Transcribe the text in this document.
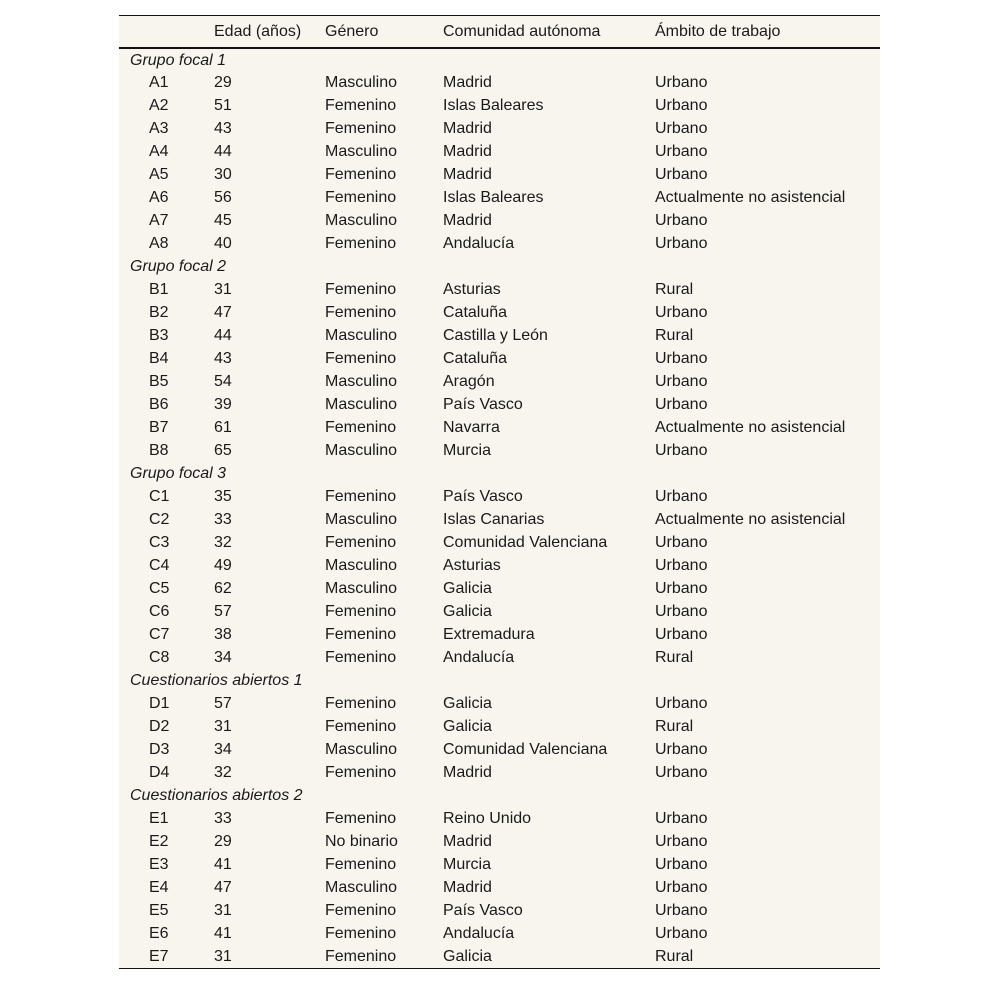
	Edad (años)	Género	Comunidad autónoma	Ámbito de trabajo
Grupo focal 1				
A1	29	Masculino	Madrid	Urbano
A2	51	Femenino	Islas Baleares	Urbano
A3	43	Femenino	Madrid	Urbano
A4	44	Masculino	Madrid	Urbano
A5	30	Femenino	Madrid	Urbano
A6	56	Femenino	Islas Baleares	Actualmente no asistencial
A7	45	Masculino	Madrid	Urbano
A8	40	Femenino	Andalucía	Urbano
Grupo focal 2				
B1	31	Femenino	Asturias	Rural
B2	47	Femenino	Cataluña	Urbano
B3	44	Masculino	Castilla y León	Rural
B4	43	Femenino	Cataluña	Urbano
B5	54	Masculino	Aragón	Urbano
B6	39	Masculino	País Vasco	Urbano
B7	61	Femenino	Navarra	Actualmente no asistencial
B8	65	Masculino	Murcia	Urbano
Grupo focal 3				
C1	35	Femenino	País Vasco	Urbano
C2	33	Masculino	Islas Canarias	Actualmente no asistencial
C3	32	Femenino	Comunidad Valenciana	Urbano
C4	49	Masculino	Asturias	Urbano
C5	62	Masculino	Galicia	Urbano
C6	57	Femenino	Galicia	Urbano
C7	38	Femenino	Extremadura	Urbano
C8	34	Femenino	Andalucía	Rural
Cuestionarios abiertos 1				
D1	57	Femenino	Galicia	Urbano
D2	31	Femenino	Galicia	Rural
D3	34	Masculino	Comunidad Valenciana	Urbano
D4	32	Femenino	Madrid	Urbano
Cuestionarios abiertos 2				
E1	33	Femenino	Reino Unido	Urbano
E2	29	No binario	Madrid	Urbano
E3	41	Femenino	Murcia	Urbano
E4	47	Masculino	Madrid	Urbano
E5	31	Femenino	País Vasco	Urbano
E6	41	Femenino	Andalucía	Urbano
E7	31	Femenino	Galicia	Rural
